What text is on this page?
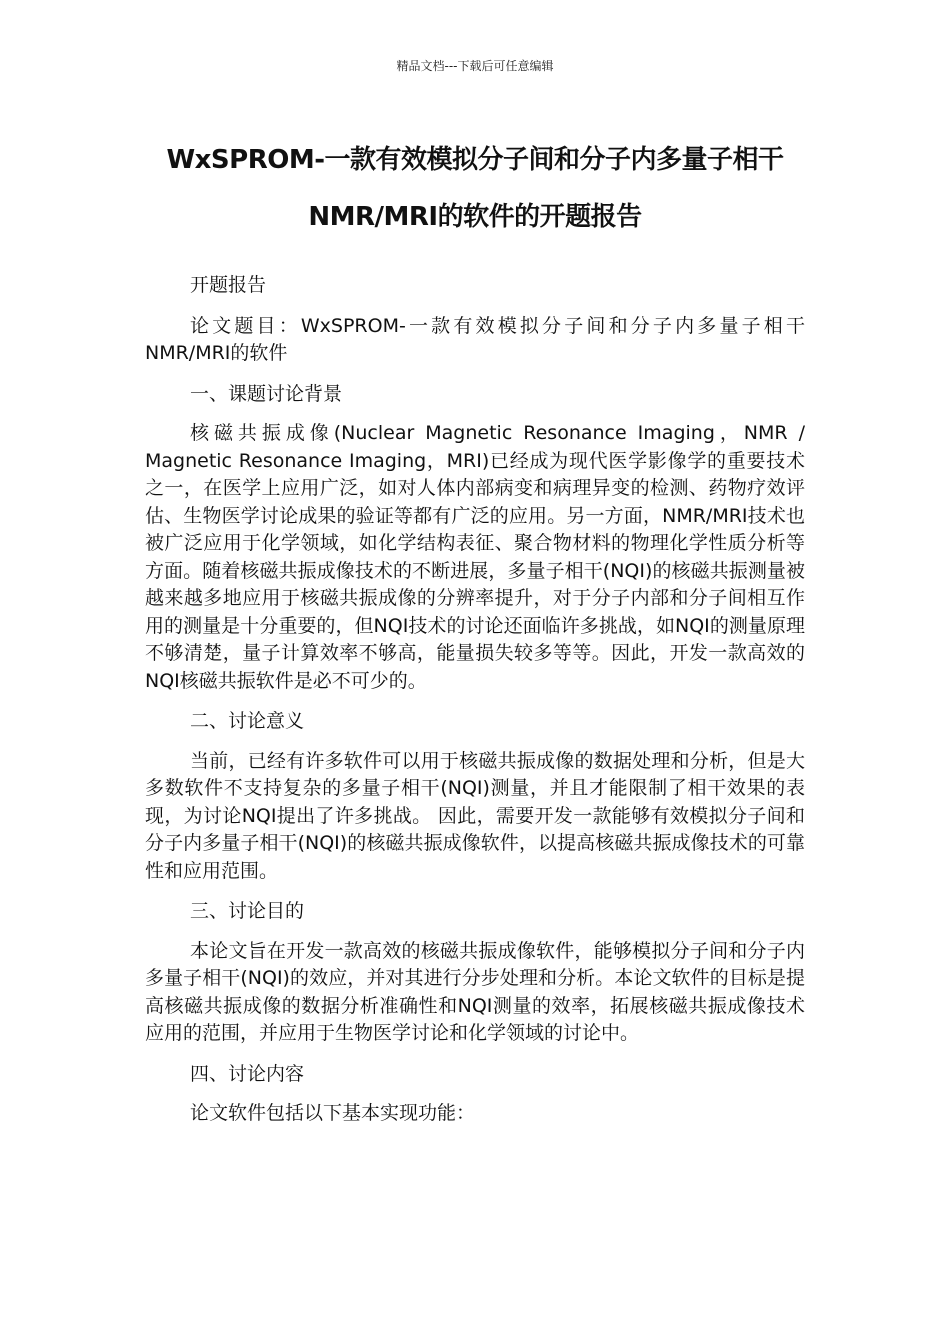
精品文档---下载后可任意编辑
WxSPROM-一款有效模拟分子间和分子内多量子相干NMR/MRI的软件的开题报告

开题报告

论文题目：WxSPROM-一款有效模拟分子间和分子内多量子相干NMR/MRI的软件

一、课题讨论背景

核磁共振成像(Nuclear Magnetic Resonance Imaging，NMR / Magnetic Resonance Imaging，MRI)已经成为现代医学影像学的重要技术之一，在医学上应用广泛，如对人体内部病变和病理异变的检测、药物疗效评估、生物医学讨论成果的验证等都有广泛的应用。另一方面，NMR/MRI技术也被广泛应用于化学领域，如化学结构表征、聚合物材料的物理化学性质分析等方面。随着核磁共振成像技术的不断进展，多量子相干(NQI)的核磁共振测量被越来越多地应用于核磁共振成像的分辨率提升，对于分子内部和分子间相互作用的测量是十分重要的，但NQI技术的讨论还面临许多挑战，如NQI的测量原理不够清楚，量子计算效率不够高，能量损失较多等等。因此，开发一款高效的NQI核磁共振软件是必不可少的。

二、讨论意义

当前，已经有许多软件可以用于核磁共振成像的数据处理和分析，但是大多数软件不支持复杂的多量子相干(NQI)测量，并且才能限制了相干效果的表现，为讨论NQI提出了许多挑战。 因此，需要开发一款能够有效模拟分子间和分子内多量子相干(NQI)的核磁共振成像软件，以提高核磁共振成像技术的可靠性和应用范围。

三、讨论目的

本论文旨在开发一款高效的核磁共振成像软件，能够模拟分子间和分子内多量子相干(NQI)的效应，并对其进行分步处理和分析。本论文软件的目标是提高核磁共振成像的数据分析准确性和NQI测量的效率，拓展核磁共振成像技术应用的范围，并应用于生物医学讨论和化学领域的讨论中。

四、讨论内容

论文软件包括以下基本实现功能：
